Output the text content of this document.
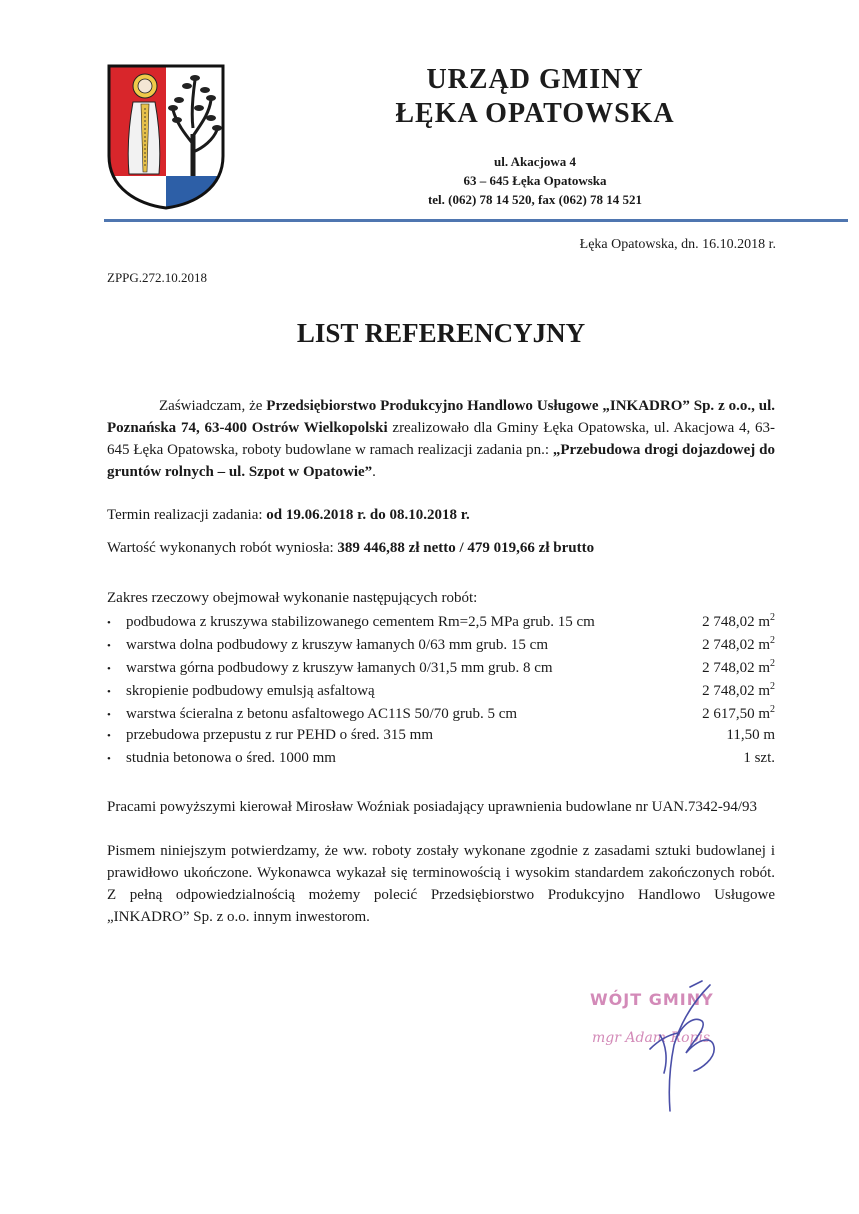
URZĄD GMINY
ŁĘKA OPATOWSKA
ul. Akacjowa 4
63 – 645 Łęka Opatowska
tel. (062) 78 14 520, fax (062) 78 14 521
Łęka Opatowska, dn. 16.10.2018 r.
ZPPG.272.10.2018
LIST REFERENCYJNY
Zaświadczam, że Przedsiębiorstwo Produkcyjno Handlowo Usługowe „INKADRO” Sp. z o.o., ul. Poznańska 74, 63-400 Ostrów Wielkopolski zrealizowało dla Gminy Łęka Opatowska, ul. Akacjowa 4, 63-645 Łęka Opatowska, roboty budowlane w ramach realizacji zadania pn.: „Przebudowa drogi dojazdowej do gruntów rolnych – ul. Szpot w Opatowie”.
Termin realizacji zadania: od 19.06.2018 r. do 08.10.2018 r.
Wartość wykonanych robót wyniosła: 389 446,88 zł netto / 479 019,66 zł brutto
Zakres rzeczowy obejmował wykonanie następujących robót:
•	podbudowa z kruszywa stabilizowanego cementem Rm=2,5 MPa grub. 15 cm	2 748,02 $m^2$
•	warstwa dolna podbudowy z kruszyw łamanych 0/63 mm grub. 15 cm	2 748,02 $m^2$
•	warstwa górna podbudowy z kruszyw łamanych 0/31,5 mm grub. 8 cm	2 748,02 $m^2$
•	skropienie podbudowy emulsją asfaltową	2 748,02 $m^2$
•	warstwa ścieralna z betonu asfaltowego AC11S 50/70 grub. 5 cm	2 617,50 $m^2$
•	przebudowa przepustu z rur PEHD o śred. 315 mm	11,50 m
•	studnia betonowa o śred. 1000 mm	1 szt.
Pracami powyższymi kierował Mirosław Woźniak posiadający uprawnienia budowlane nr UAN.7342-94/93
Pismem niniejszym potwierdzamy, że ww. roboty zostały wykonane zgodnie z zasadami sztuki budowlanej i prawidłowo ukończone. Wykonawca wykazał się terminowością i wysokim standardem zakończonych robót. Z pełną odpowiedzialnością możemy polecić Przedsiębiorstwo Produkcyjno Handlowo Usługowe „INKADRO” Sp. z o.o. innym inwestorom.
WÓJT GMINY
mgr Adam Ropis
